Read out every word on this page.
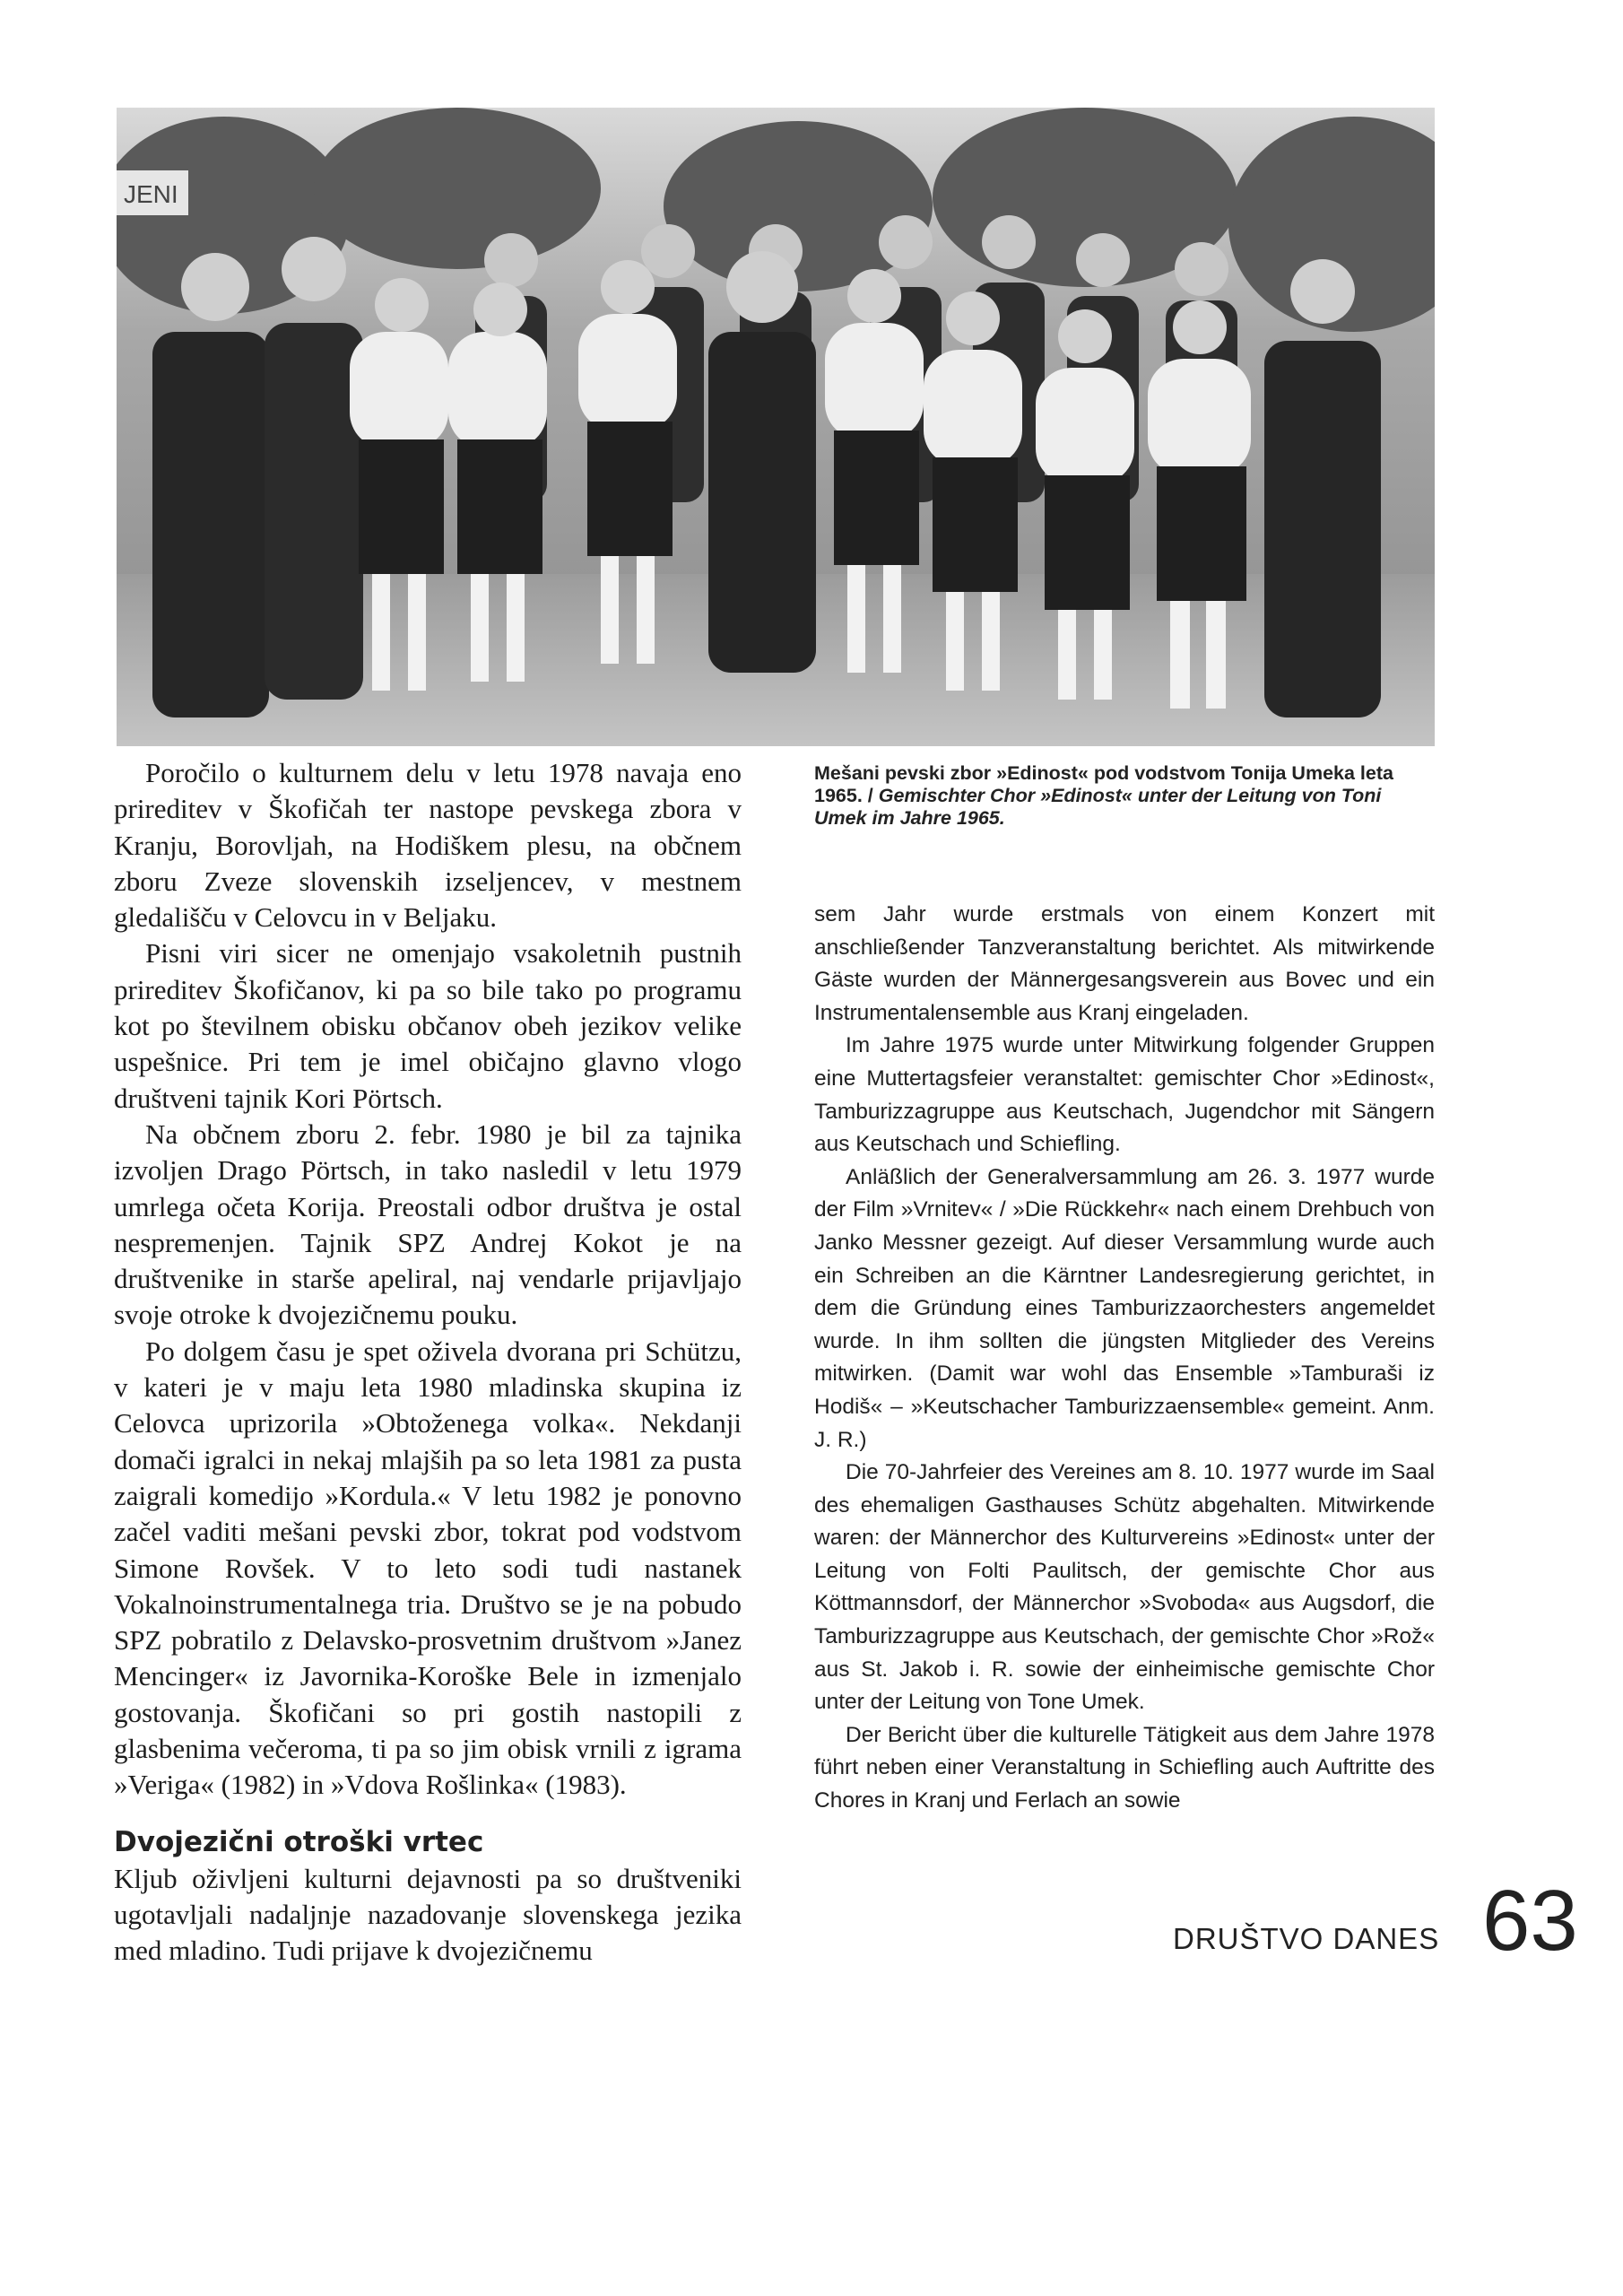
JENI

Poročilo o kulturnem delu v letu 1978 navaja eno prireditev v Škofičah ter nastope pevskega zbora v Kranju, Borovljah, na Hodiškem plesu, na občnem zboru Zveze slovenskih izseljencev, v mestnem gledališču v Celovcu in v Beljaku.

Pisni viri sicer ne omenjajo vsakoletnih pustnih prireditev Škofičanov, ki pa so bile tako po programu kot po številnem obisku občanov obeh jezikov velike uspešnice. Pri tem je imel običajno glavno vlogo društveni tajnik Kori Pörtsch.

Na občnem zboru 2. febr. 1980 je bil za tajnika izvoljen Drago Pörtsch, in tako nasledil v letu 1979 umrlega očeta Korija. Preostali odbor društva je ostal nespremenjen. Tajnik SPZ Andrej Kokot je na društvenike in starše apeliral, naj vendarle prijavljajo svoje otroke k dvojezičnemu pouku.

Po dolgem času je spet oživela dvorana pri Schützu, v kateri je v maju leta 1980 mladinska skupina iz Celovca uprizorila »Obtoženega volka«. Nekdanji domači igralci in nekaj mlajših pa so leta 1981 za pusta zaigrali komedijo »Kordula.« V letu 1982 je ponovno začel vaditi mešani pevski zbor, tokrat pod vodstvom Simone Rovšek. V to leto sodi tudi nastanek Vokalnoinstrumentalnega tria. Društvo se je na pobudo SPZ pobratilo z Delavsko-prosvetnim društvom »Janez Mencinger« iz Javornika-Koroške Bele in izmenjalo gostovanja. Škofičani so pri gostih nastopili z glasbenima večeroma, ti pa so jim obisk vrnili z igrama »Veriga« (1982) in »Vdova Rošlinka« (1983).

Dvojezični otroški vrtec

Kljub oživljeni kulturni dejavnosti pa so društveniki ugotavljali nadaljnje nazadovanje slovenskega jezika med mladino. Tudi prijave k dvojezičnemu

Mešani pevski zbor »Edinost« pod vodstvom Tonija Umeka leta 1965. / Gemischter Chor »Edinost« unter der Leitung von Toni Umek im Jahre 1965.

sem Jahr wurde erstmals von einem Konzert mit anschließender Tanzveranstaltung berichtet. Als mitwirkende Gäste wurden der Männergesangsverein aus Bovec und ein Instrumentalensemble aus Kranj eingeladen.

Im Jahre 1975 wurde unter Mitwirkung folgender Gruppen eine Muttertagsfeier veranstaltet: gemischter Chor »Edinost«, Tamburizzagruppe aus Keutschach, Jugendchor mit Sängern aus Keutschach und Schiefling.

Anläßlich der Generalversammlung am 26. 3. 1977 wurde der Film »Vrnitev« / »Die Rückkehr« nach einem Drehbuch von Janko Messner gezeigt. Auf dieser Versammlung wurde auch ein Schreiben an die Kärntner Landesregierung gerichtet, in dem die Gründung eines Tamburizzaorchesters angemeldet wurde. In ihm sollten die jüngsten Mitglieder des Vereins mitwirken. (Damit war wohl das Ensemble »Tamburaši iz Hodiš« – »Keutschacher Tamburizzaensemble« gemeint. Anm. J. R.)

Die 70-Jahrfeier des Vereines am 8. 10. 1977 wurde im Saal des ehemaligen Gasthauses Schütz abgehalten. Mitwirkende waren: der Männerchor des Kulturvereins »Edinost« unter der Leitung von Folti Paulitsch, der gemischte Chor aus Köttmannsdorf, der Männerchor »Svoboda« aus Augsdorf, die Tamburizzagruppe aus Keutschach, der gemischte Chor »Rož« aus St. Jakob i. R. sowie der einheimische gemischte Chor unter der Leitung von Tone Umek.

Der Bericht über die kulturelle Tätigkeit aus dem Jahre 1978 führt neben einer Veranstaltung in Schiefling auch Auftritte des Chores in Kranj und Ferlach an sowie

DRUŠTVO DANES 63
